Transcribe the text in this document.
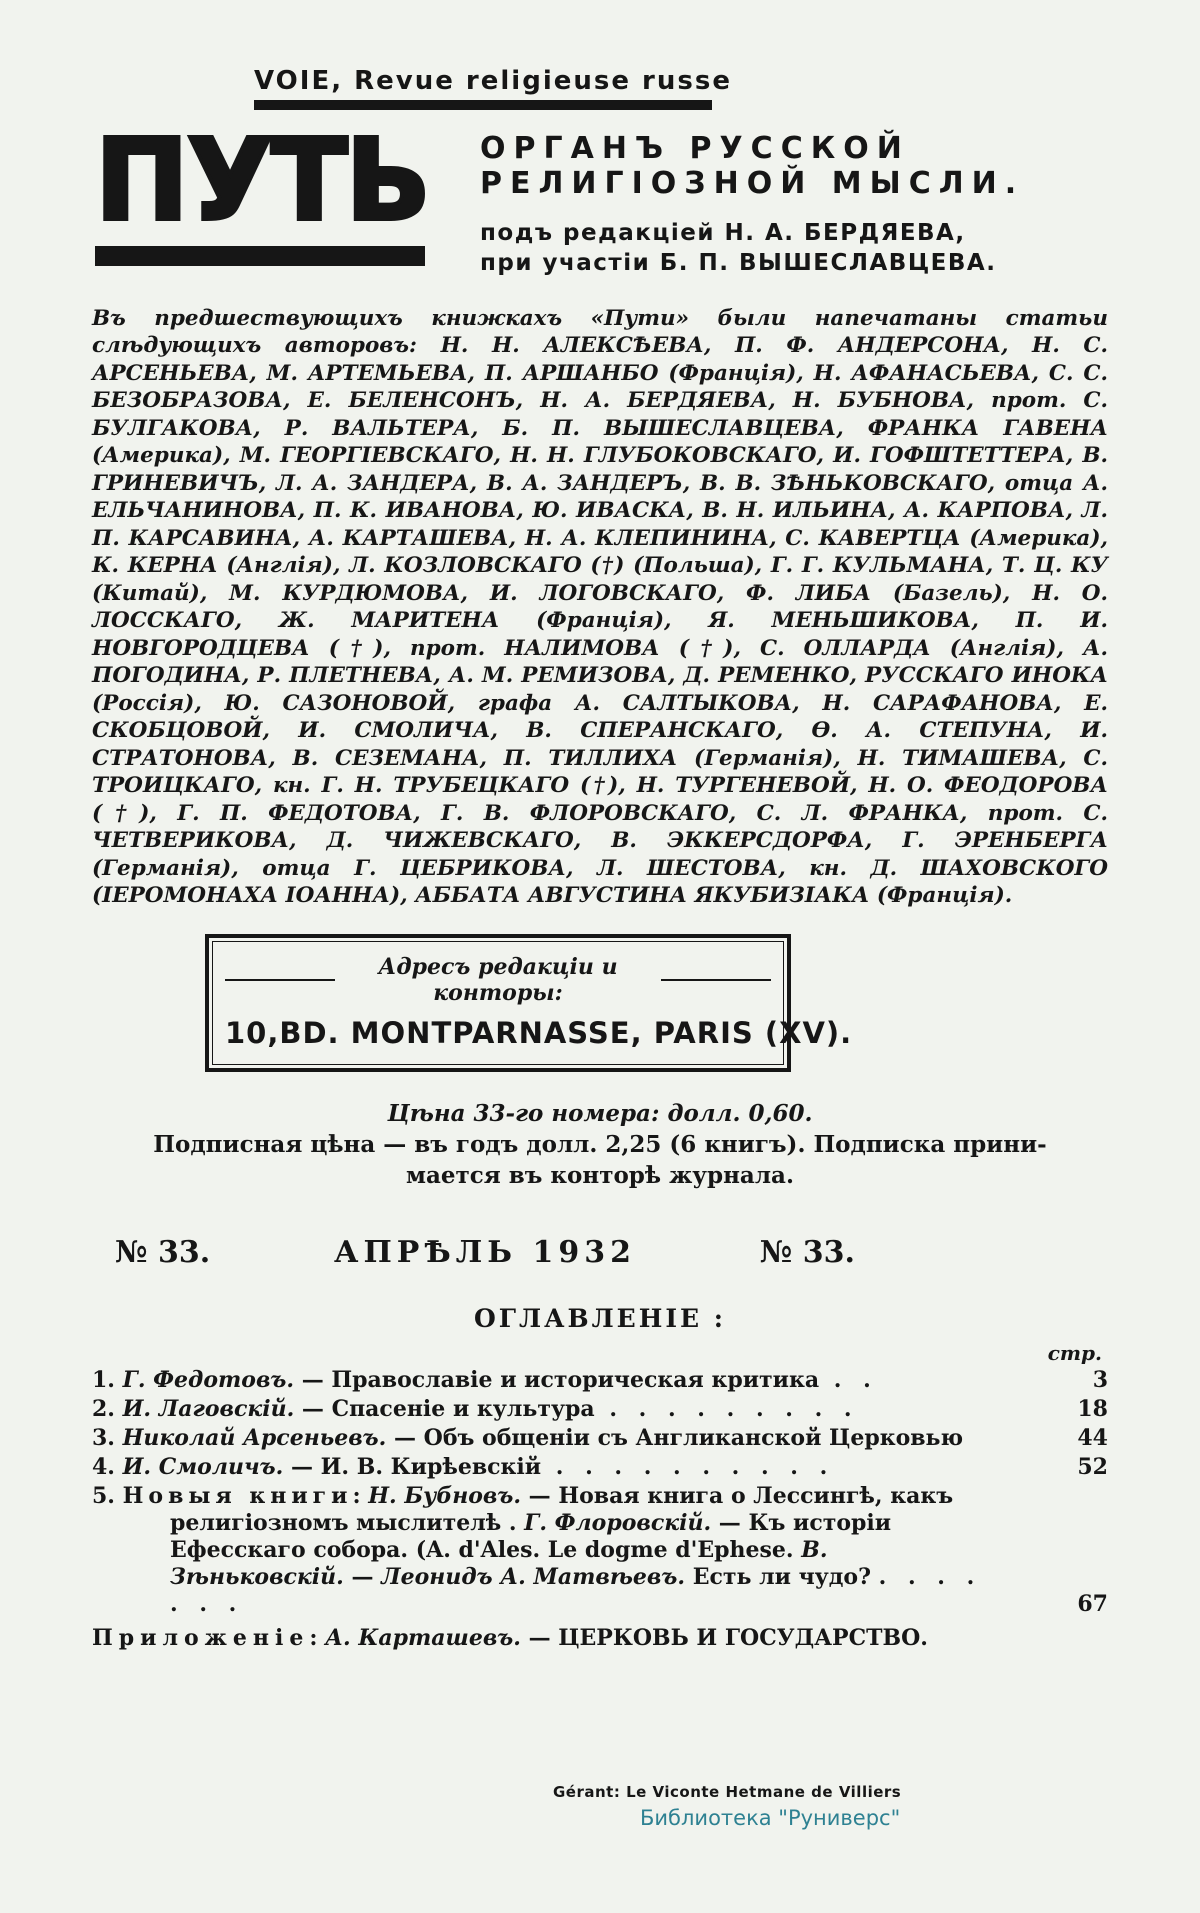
VOIE, Revue religieuse russe
ПУТЬ ОРГАНЪ РУССКОЙ
РЕЛИГІОЗНОЙ МЫСЛИ.
подъ редакціей Н. А. БЕРДЯЕВА,
при участіи Б. П. ВЫШЕСЛАВЦЕВА.

Въ предшествующихъ книжкахъ «Пути» были напечатаны статьи слѣдующихъ авторовъ: Н. Н. АЛЕКСѢЕВА, П. Ф. АНДЕРСОНА, Н. С. АРСЕНЬЕВА, М. АРТЕМЬЕВА, П. АРШАНБО (Франція), Н. АФАНАСЬЕВА, С. С. БЕЗОБРАЗОВА, Е. БЕЛЕНСОНЪ, Н. А. БЕРДЯЕВА, Н. БУБНОВА, прот. С. БУЛГАКОВА, Р. ВАЛЬТЕРА, Б. П. ВЫШЕСЛАВЦЕВА, ФРАНКА ГАВЕНА (Америка), М. ГЕОРГІЕВСКАГО, Н. Н. ГЛУБОКОВСКАГО, И. ГОФШТЕТТЕРА, В. ГРИНЕВИЧЪ, Л. А. ЗАНДЕРА, В. А. ЗАНДЕРЪ, В. В. ЗѢНЬКОВСКАГО, отца А. ЕЛЬЧАНИНОВА, П. К. ИВАНОВА, Ю. ИВАСКА, В. Н. ИЛЬИНА, А. КАРПОВА, Л. П. КАРСАВИНА, А. КАРТАШЕВА, Н. А. КЛЕПИНИНА, С. КАВЕРТЦА (Америка), К. КЕРНА (Англія), Л. КОЗЛОВСКАГО (†) (Польша), Г. Г. КУЛЬМАНА, Т. Ц. КУ (Китай), М. КУРДЮМОВА, И. ЛОГОВСКАГО, Ф. ЛИБА (Базель), Н. О. ЛОССКАГО, Ж. МАРИТЕНА (Франція), Я. МЕНЬШИКОВА, П. И. НОВГОРОДЦЕВА (†), прот. НАЛИМОВА (†), С. ОЛЛАРДА (Англія), А. ПОГОДИНА, Р. ПЛЕТНЕВА, А. М. РЕМИЗОВА, Д. РЕМЕНКО, РУССКАГО ИНОКА (Россія), Ю. САЗОНОВОЙ, графа А. САЛТЫКОВА, Н. САРАФАНОВА, Е. СКОБЦОВОЙ, И. СМОЛИЧА, В. СПЕРАНСКАГО, Ѳ. А. СТЕПУНА, И. СТРАТОНОВА, В. СЕЗЕМАНА, П. ТИЛЛИХА (Германія), Н. ТИМАШЕВА, С. ТРОИЦКАГО, кн. Г. Н. ТРУБЕЦКАГО (†), Н. ТУРГЕНЕВОЙ, Н. О. ФЕОДОРОВА (†), Г. П. ФЕДОТОВА, Г. В. ФЛОРОВСКАГО, С. Л. ФРАНКА, прот. С. ЧЕТВЕРИКОВА, Д. ЧИЖЕВСКАГО, В. ЭККЕРСДОРФА, Г. ЭРЕНБЕРГА (Германія), отца Г. ЦЕБРИКОВА, Л. ШЕСТОВА, кн. Д. ШАХОВСКОГО (ІЕРОМОНАХА ІОАННА), АББАТА АВГУСТИНА ЯКУБИЗІАКА (Франція).

Адресъ редакціи и конторы:
10,BD. MONTPARNASSE, PARIS (XV).
Цѣна 33-го номера: долл. 0,60.
Подписная цѣна — въ годъ долл. 2,25 (6 книгъ). Подписка прини-
мается въ конторѣ журнала.
№ 33.	АПРѢЛЬ 1932	№ 33.
ОГЛАВЛЕНІЕ :
стр.
1. Г. Федотовъ. — Православіе и историческая критика . .	3
2. И. Лаговскій. — Спасеніе и культура . . . . . . . . .	18
3. Николай Арсеньевъ. — Объ общеніи съ Англиканской Церковью	44
4. И. Смоличъ. — И. В. Кирѣевскій . . . . . . . . . .	52
5. Новыя книги: Н. Бубновъ. — Новая книга о Лессингѣ, какъ религіозномъ мыслителѣ . Г. Флоровскій. — Къ исторіи Ефесскаго собора. (A. d'Ales. Le dogme d'Ephese. В. Зѣньковскій. — Леонидъ А. Матвѣевъ. Есть ли чудо? . . . . . . .	67
Приложеніе: А. Карташевъ. — ЦЕРКОВЬ И ГОСУДАРСТВО.
Gérant: Le Viconte Hetmane de Villiers
Библиотека "Руниверс"
